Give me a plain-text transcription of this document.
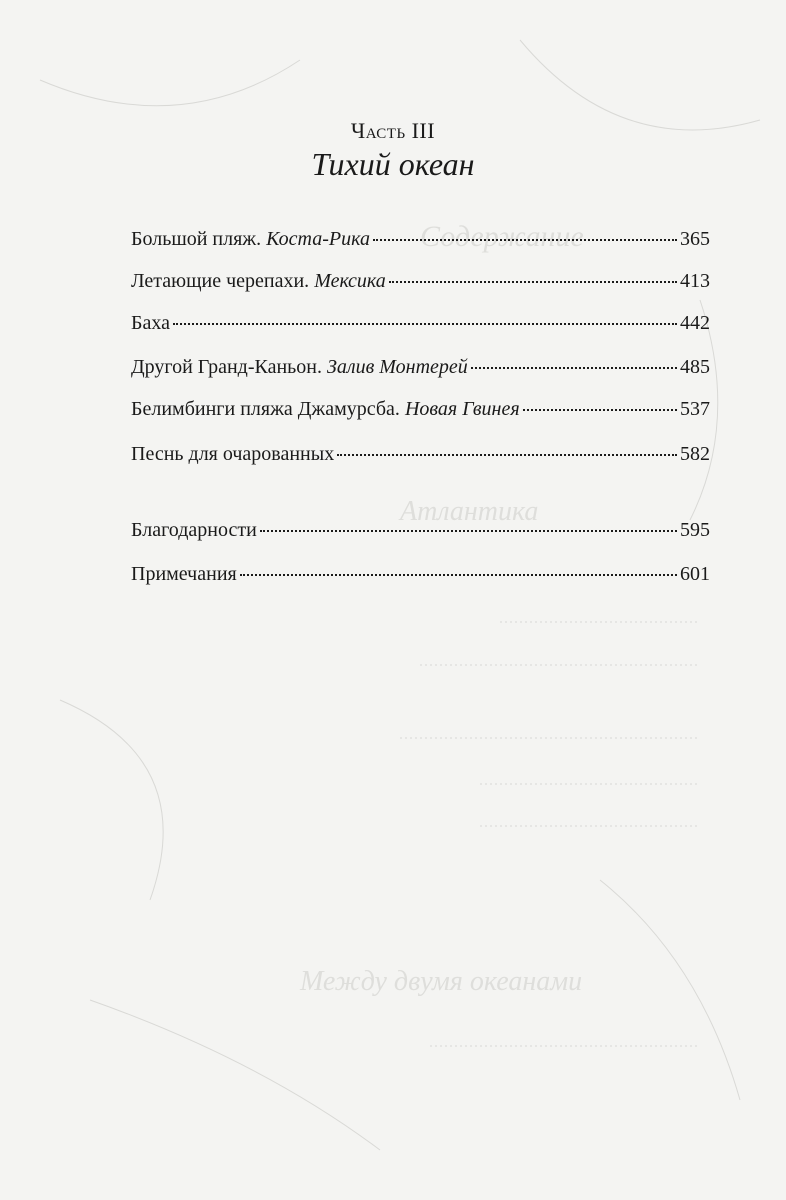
Содержание
Атлантика
Между двумя океанами
Часть III
Тихий океан
Большой пляж. Коста-Рика	365
Летающие черепахи. Мексика	413
Баха	442
Другой Гранд-Каньон. Залив Монтерей	485
Белимбинги пляжа Джамурсба. Новая Гвинея	537
Песнь для очарованных	582
Благодарности	595
Примечания	601
